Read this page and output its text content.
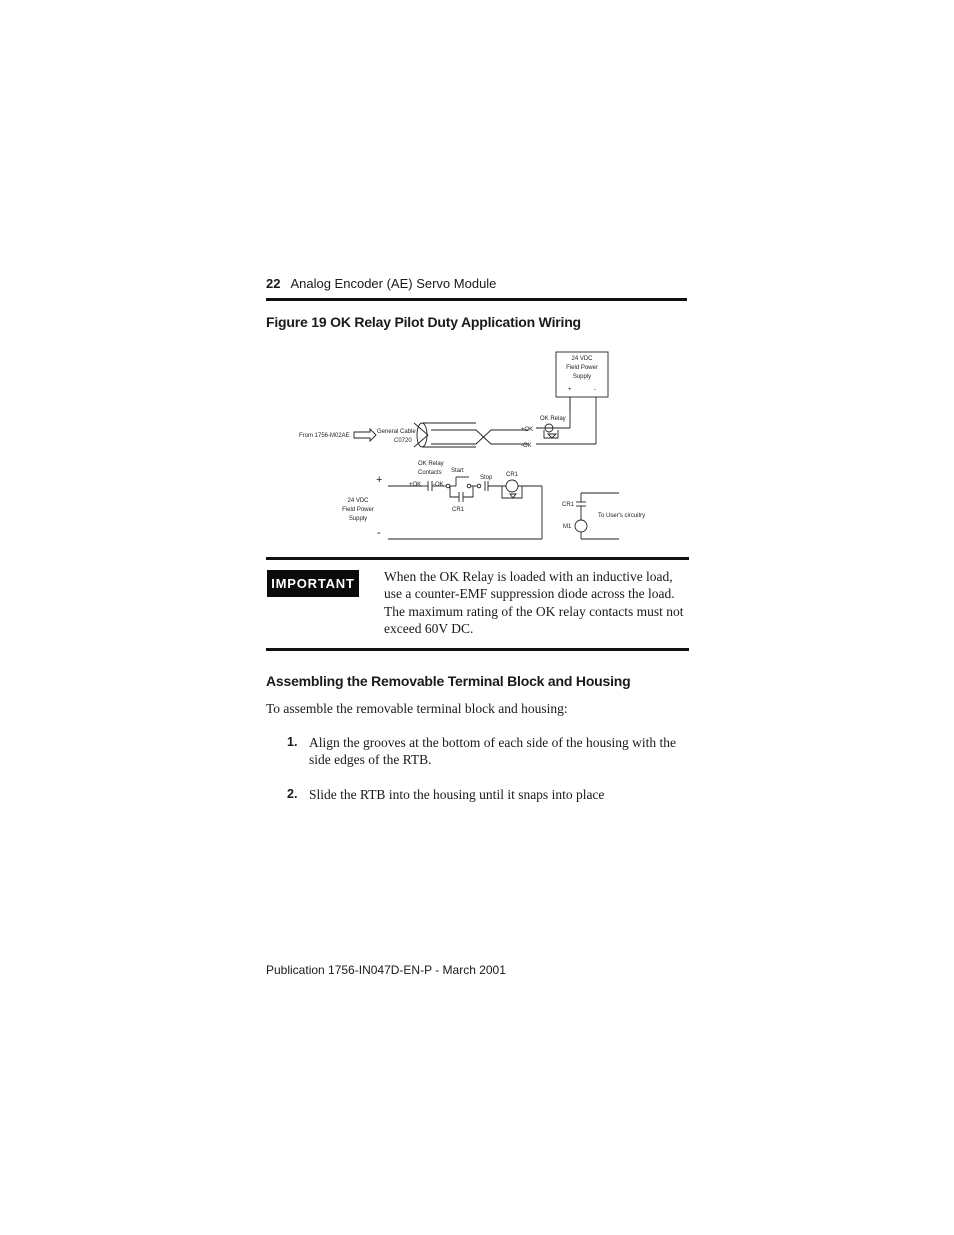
22 Analog Encoder (AE) Servo Module
Figure 19 OK Relay Pilot Duty Application Wiring
24 VDC
Field Power
Supply
+	-
OK Relay
+OK
-OK
From 1756-M02AE
General Cable
C0720
OK Relay
Contacts Start
Stop CR1
CR1
+OK -OK
24 VDC
Field Power
Supply
CR1
M1
To User's circuitry
+
-
IMPORTANT	When the OK Relay is loaded with an inductive load, use a counter-EMF suppression diode across the load. The maximum rating of the OK relay contacts must not exceed 60V DC.
Assembling the Removable Terminal Block and Housing
To assemble the removable terminal block and housing:
1. Align the grooves at the bottom of each side of the housing with the side edges of the RTB.
2. Slide the RTB into the housing until it snaps into place
Publication 1756-IN047D-EN-P - March 2001
